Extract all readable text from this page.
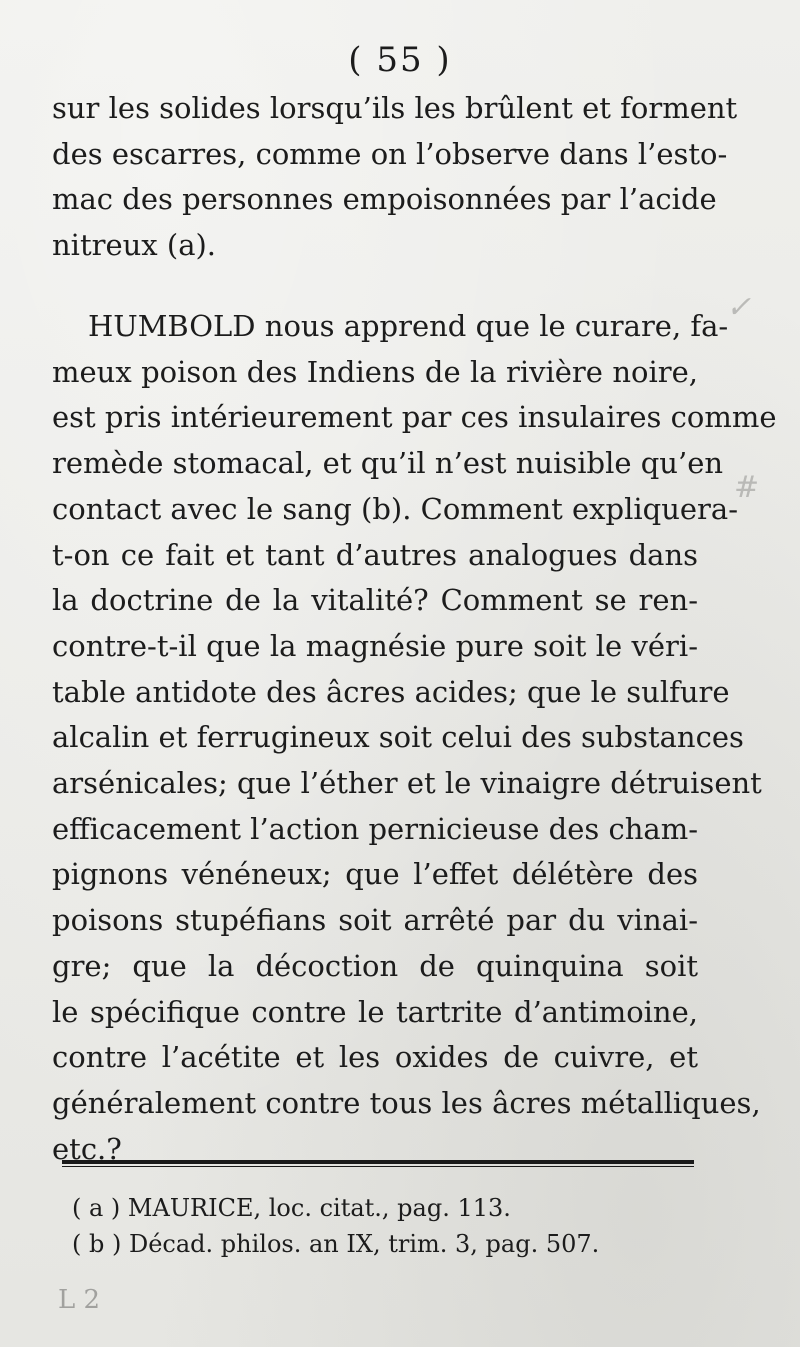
( 55 )
sur les solides lorsqu’ils les brûlent et forment
des escarres, comme on l’observe dans l’esto-
mac des personnes empoisonnées par l’acide
nitreux (a).
HUMBOLD nous apprend que le curare, fa-
meux poison des Indiens de la rivière noire,
est pris intérieurement par ces insulaires comme
remède stomacal, et qu’il n’est nuisible qu’en
contact avec le sang (b). Comment expliquera-
t-on ce fait et tant d’autres analogues dans
la doctrine de la vitalité? Comment se ren-
contre-t-il que la magnésie pure soit le véri-
table antidote des âcres acides; que le sulfure
alcalin et ferrugineux soit celui des substances
arsénicales; que l’éther et le vinaigre détruisent
efficacement l’action pernicieuse des cham-
pignons vénéneux; que l’effet délétère des
poisons stupéfians soit arrêté par du vinai-
gre; que la décoction de quinquina soit
le spécifique contre le tartrite d’antimoine,
contre l’acétite et les oxides de cuivre, et
généralement contre tous les âcres métalliques,
etc.?
( a ) MAURICE, loc. citat., pag. 113.
( b ) Décad. philos. an IX, trim. 3, pag. 507.
✓
#
L 2
